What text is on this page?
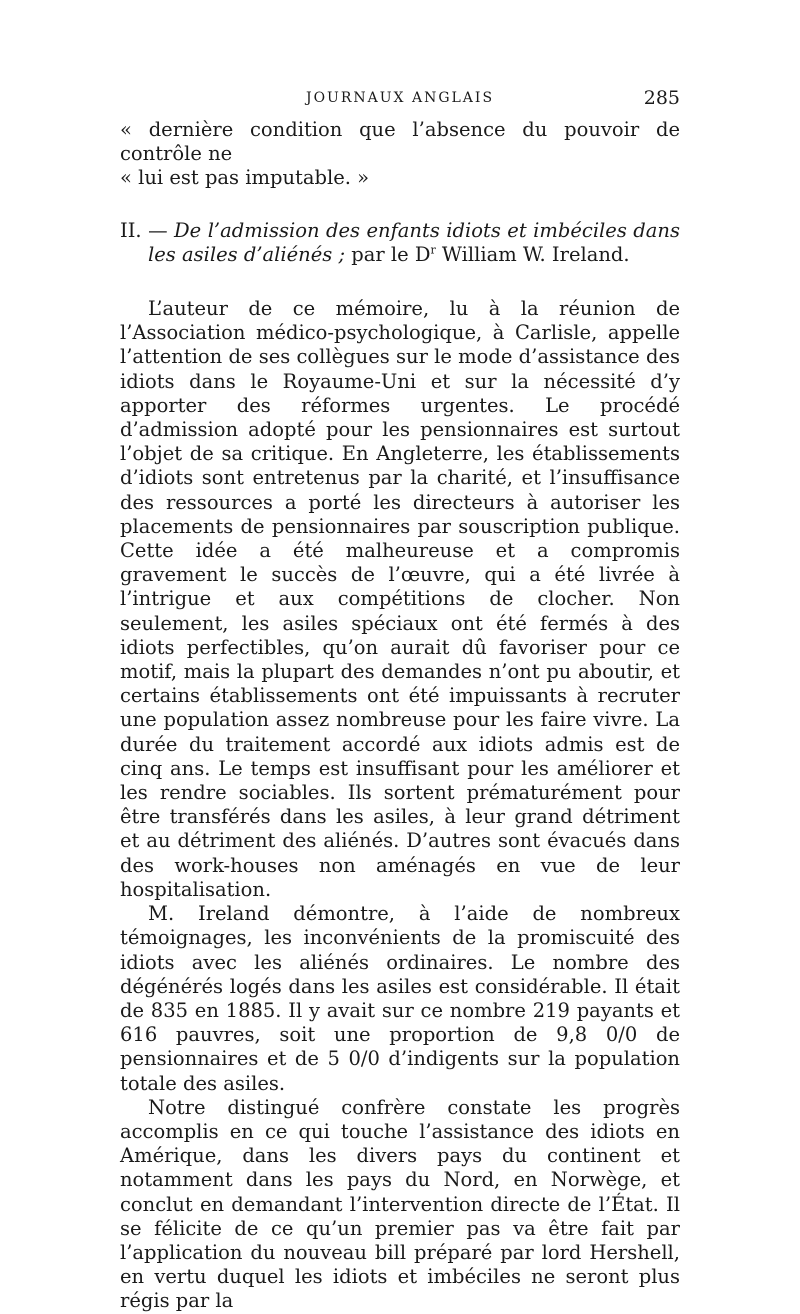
JOURNAUX ANGLAIS	285

« dernière condition que l’absence du pouvoir de contrôle ne

« lui est pas imputable. »

II. — De l’admission des enfants idiots et imbéciles dans les asiles d’aliénés ; par le $D^r$ William W. Ireland.

L’auteur de ce mémoire, lu à la réunion de l’Association médico-psychologique, à Carlisle, appelle l’attention de ses collègues sur le mode d’assistance des idiots dans le Royaume-Uni et sur la nécessité d’y apporter des réformes urgentes. Le procédé d’admission adopté pour les pensionnaires est surtout l’objet de sa critique. En Angleterre, les établissements d’idiots sont entretenus par la charité, et l’insuffisance des ressources a porté les directeurs à autoriser les placements de pensionnaires par souscription publique. Cette idée a été malheureuse et a compromis gravement le succès de l’œuvre, qui a été livrée à l’intrigue et aux compétitions de clocher. Non seulement, les asiles spéciaux ont été fermés à des idiots perfectibles, qu’on aurait dû favoriser pour ce motif, mais la plupart des demandes n’ont pu aboutir, et certains établissements ont été impuissants à recruter une population assez nombreuse pour les faire vivre. La durée du traitement accordé aux idiots admis est de cinq ans. Le temps est insuffisant pour les améliorer et les rendre sociables. Ils sortent prématurément pour être transférés dans les asiles, à leur grand détriment et au détriment des aliénés. D’autres sont évacués dans des work-houses non aménagés en vue de leur hospitalisation.

M. Ireland démontre, à l’aide de nombreux témoignages, les inconvénients de la promiscuité des idiots avec les aliénés ordinaires. Le nombre des dégénérés logés dans les asiles est considérable. Il était de 835 en 1885. Il y avait sur ce nombre 219 payants et 616 pauvres, soit une proportion de 9,8 0/0 de pensionnaires et de 5 0/0 d’indigents sur la population totale des asiles.

Notre distingué confrère constate les progrès accomplis en ce qui touche l’assistance des idiots en Amérique, dans les divers pays du continent et notamment dans les pays du Nord, en Norwège, et conclut en demandant l’intervention directe de l’État. Il se félicite de ce qu’un premier pas va être fait par l’application du nouveau bill préparé par lord Hershell, en vertu duquel les idiots et imbéciles ne seront plus régis par la
